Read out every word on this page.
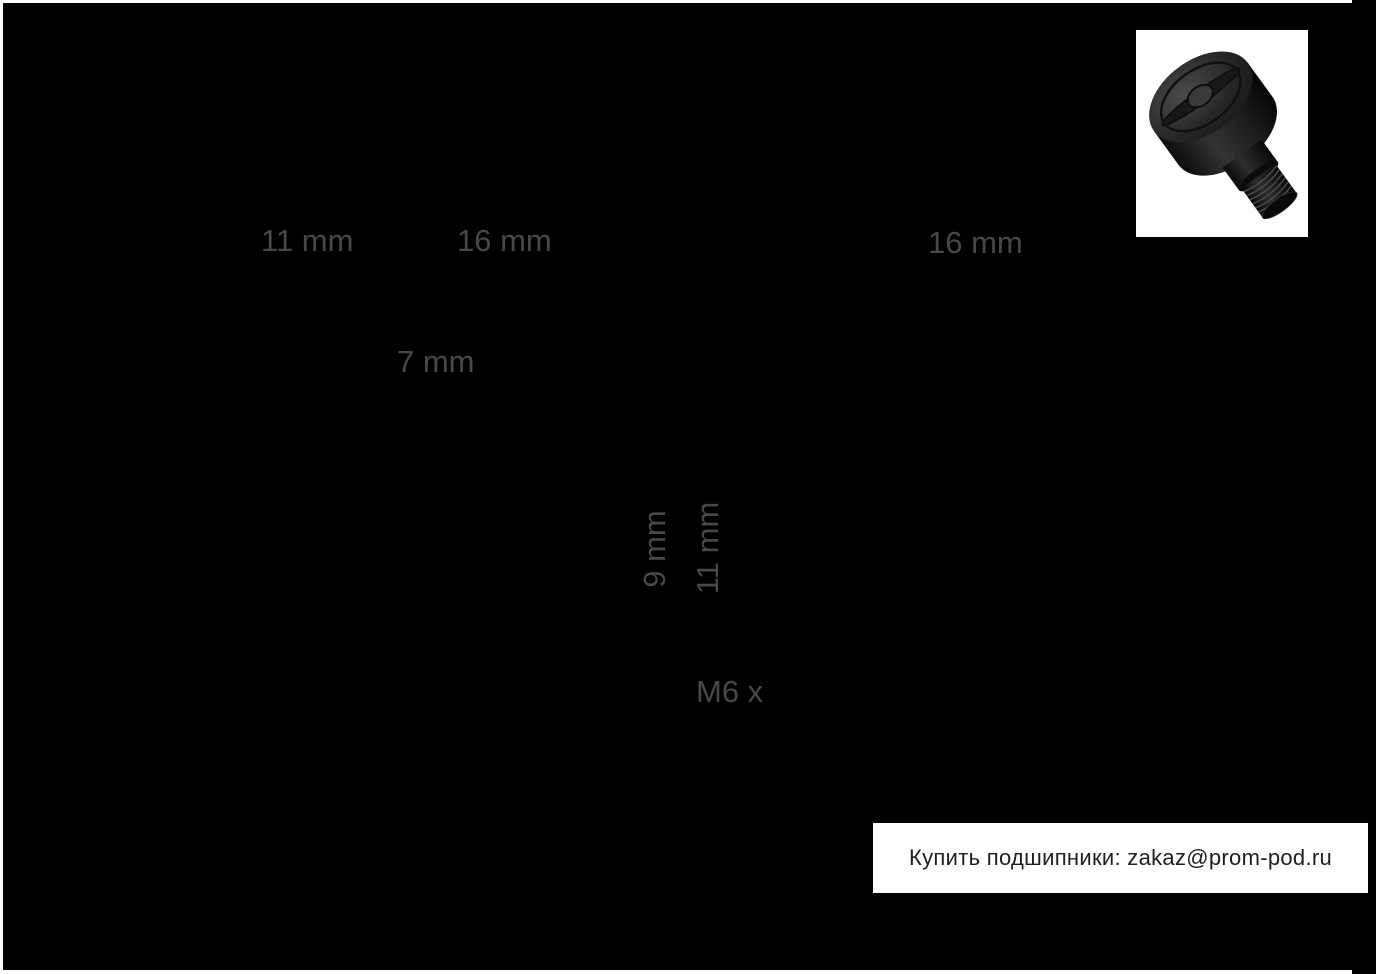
11 mm	16 mm	16 mm
7 mm
9 mm 11 mm
M6 x
Купить подшипники: zakaz@prom-pod.ru
